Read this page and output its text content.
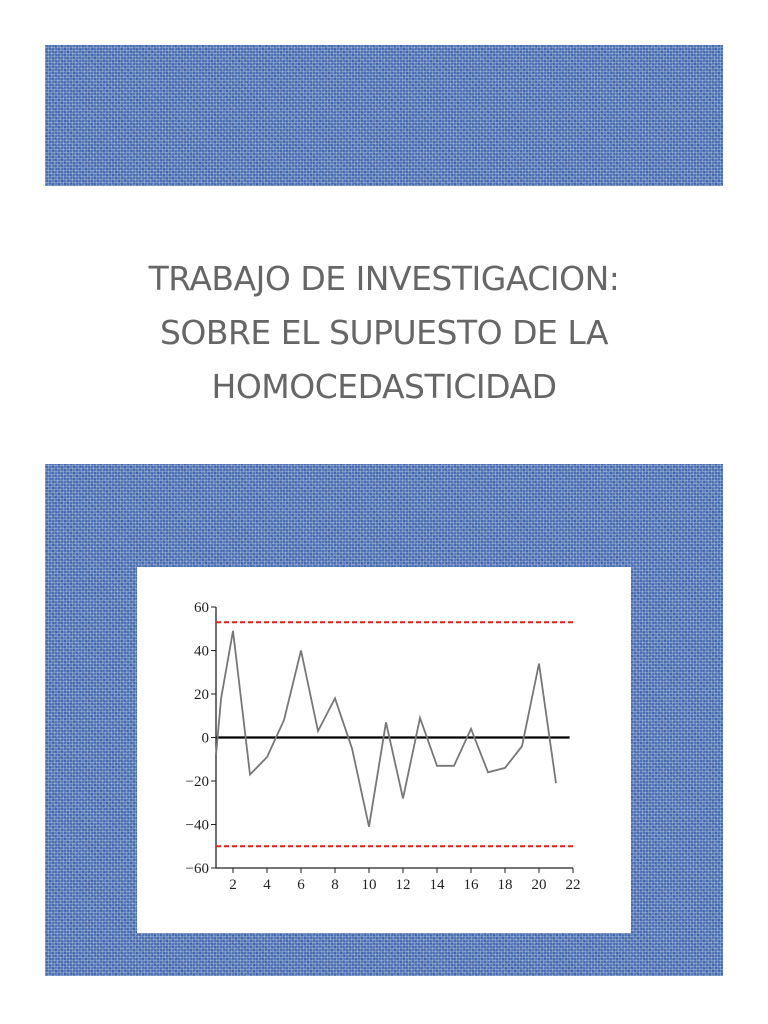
TRABAJO DE INVESTIGACION:
SOBRE EL SUPUESTO DE LA
HOMOCEDASTICIDAD
60
40
20
0
−20
−40
−60
2 4 6 8 10 12 14 16 18 20 22
